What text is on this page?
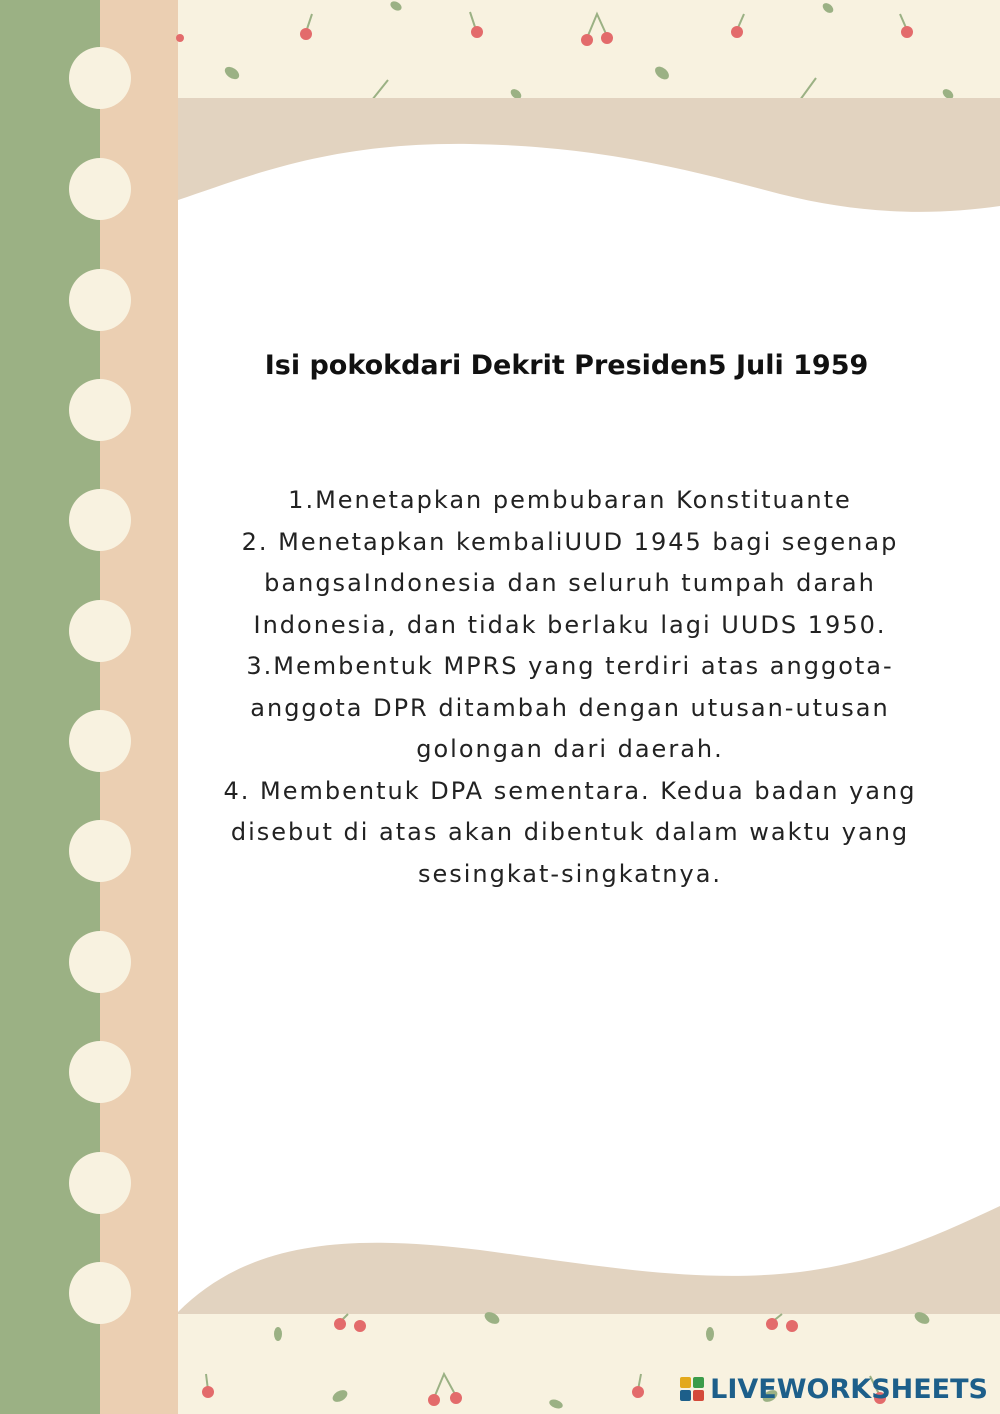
Isi pokokdari Dekrit Presiden5 Juli 1959

1.Menetapkan pembubaran Konstituante

2. Menetapkan kembaliUUD 1945 bagi segenap bangsaIndonesia dan seluruh tumpah darah Indonesia, dan tidak berlaku lagi UUDS 1950.

3.Membentuk MPRS yang terdiri atas anggota-anggota DPR ditambah dengan utusan-utusan golongan dari daerah.

4. Membentuk DPA sementara. Kedua badan yang disebut di atas akan dibentuk dalam waktu yang sesingkat-singkatnya.

LIVEWORKSHEETS
